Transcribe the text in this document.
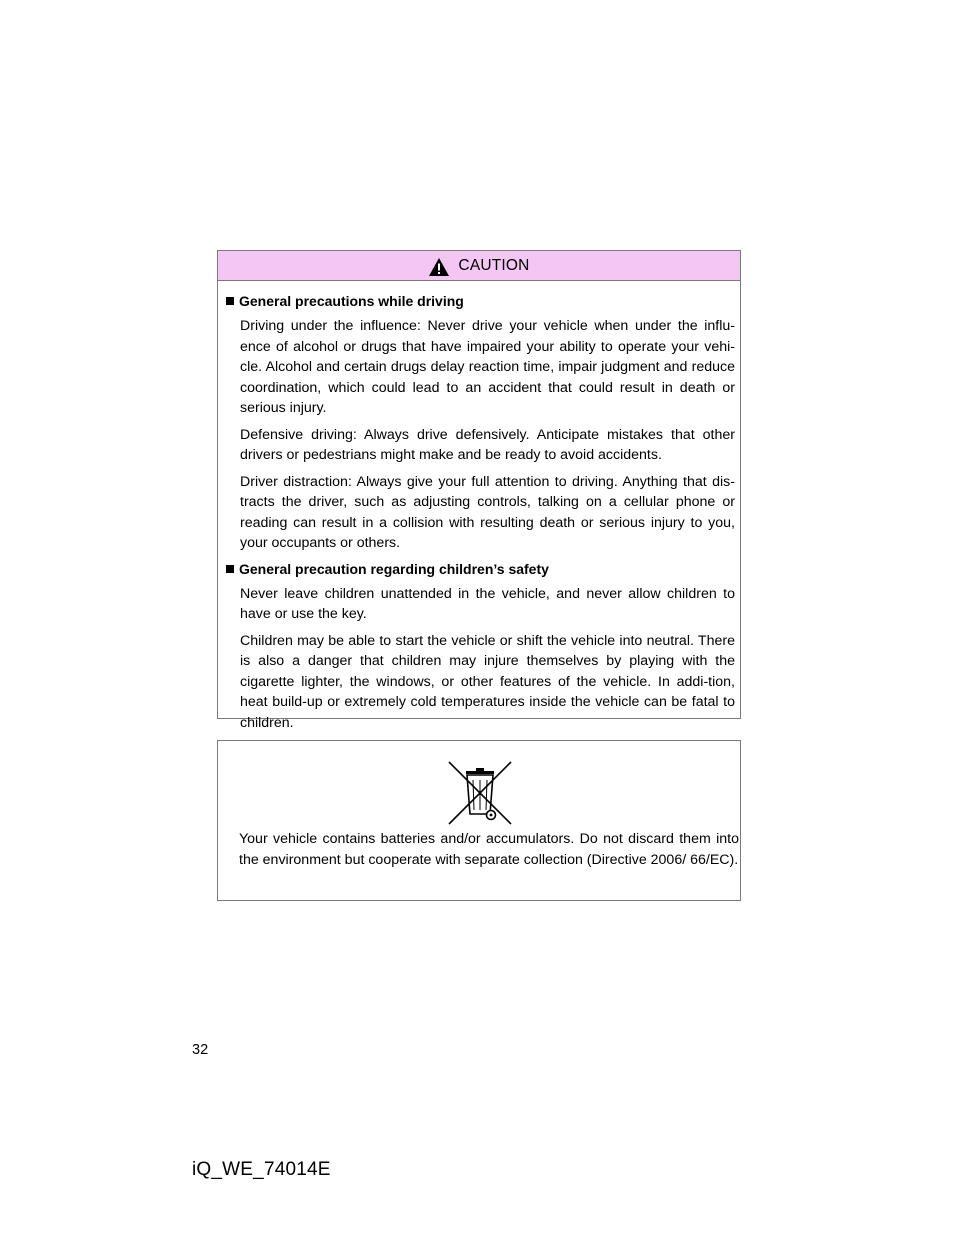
CAUTION
General precautions while driving

Driving under the influence: Never drive your vehicle when under the influ-ence of alcohol or drugs that have impaired your ability to operate your vehi-cle. Alcohol and certain drugs delay reaction time, impair judgment and reduce coordination, which could lead to an accident that could result in death or serious injury.

Defensive driving: Always drive defensively. Anticipate mistakes that other drivers or pedestrians might make and be ready to avoid accidents.

Driver distraction: Always give your full attention to driving. Anything that dis-tracts the driver, such as adjusting controls, talking on a cellular phone or reading can result in a collision with resulting death or serious injury to you, your occupants or others.

General precaution regarding children’s safety

Never leave children unattended in the vehicle, and never allow children to have or use the key.

Children may be able to start the vehicle or shift the vehicle into neutral. There is also a danger that children may injure themselves by playing with the cigarette lighter, the windows, or other features of the vehicle. In addi-tion, heat build-up or extremely cold temperatures inside the vehicle can be fatal to children.

Your vehicle contains batteries and/or accumulators. Do not discard them into the environment but cooperate with separate collection (Directive 2006/ 66/EC).

32
iQ_WE_74014E
